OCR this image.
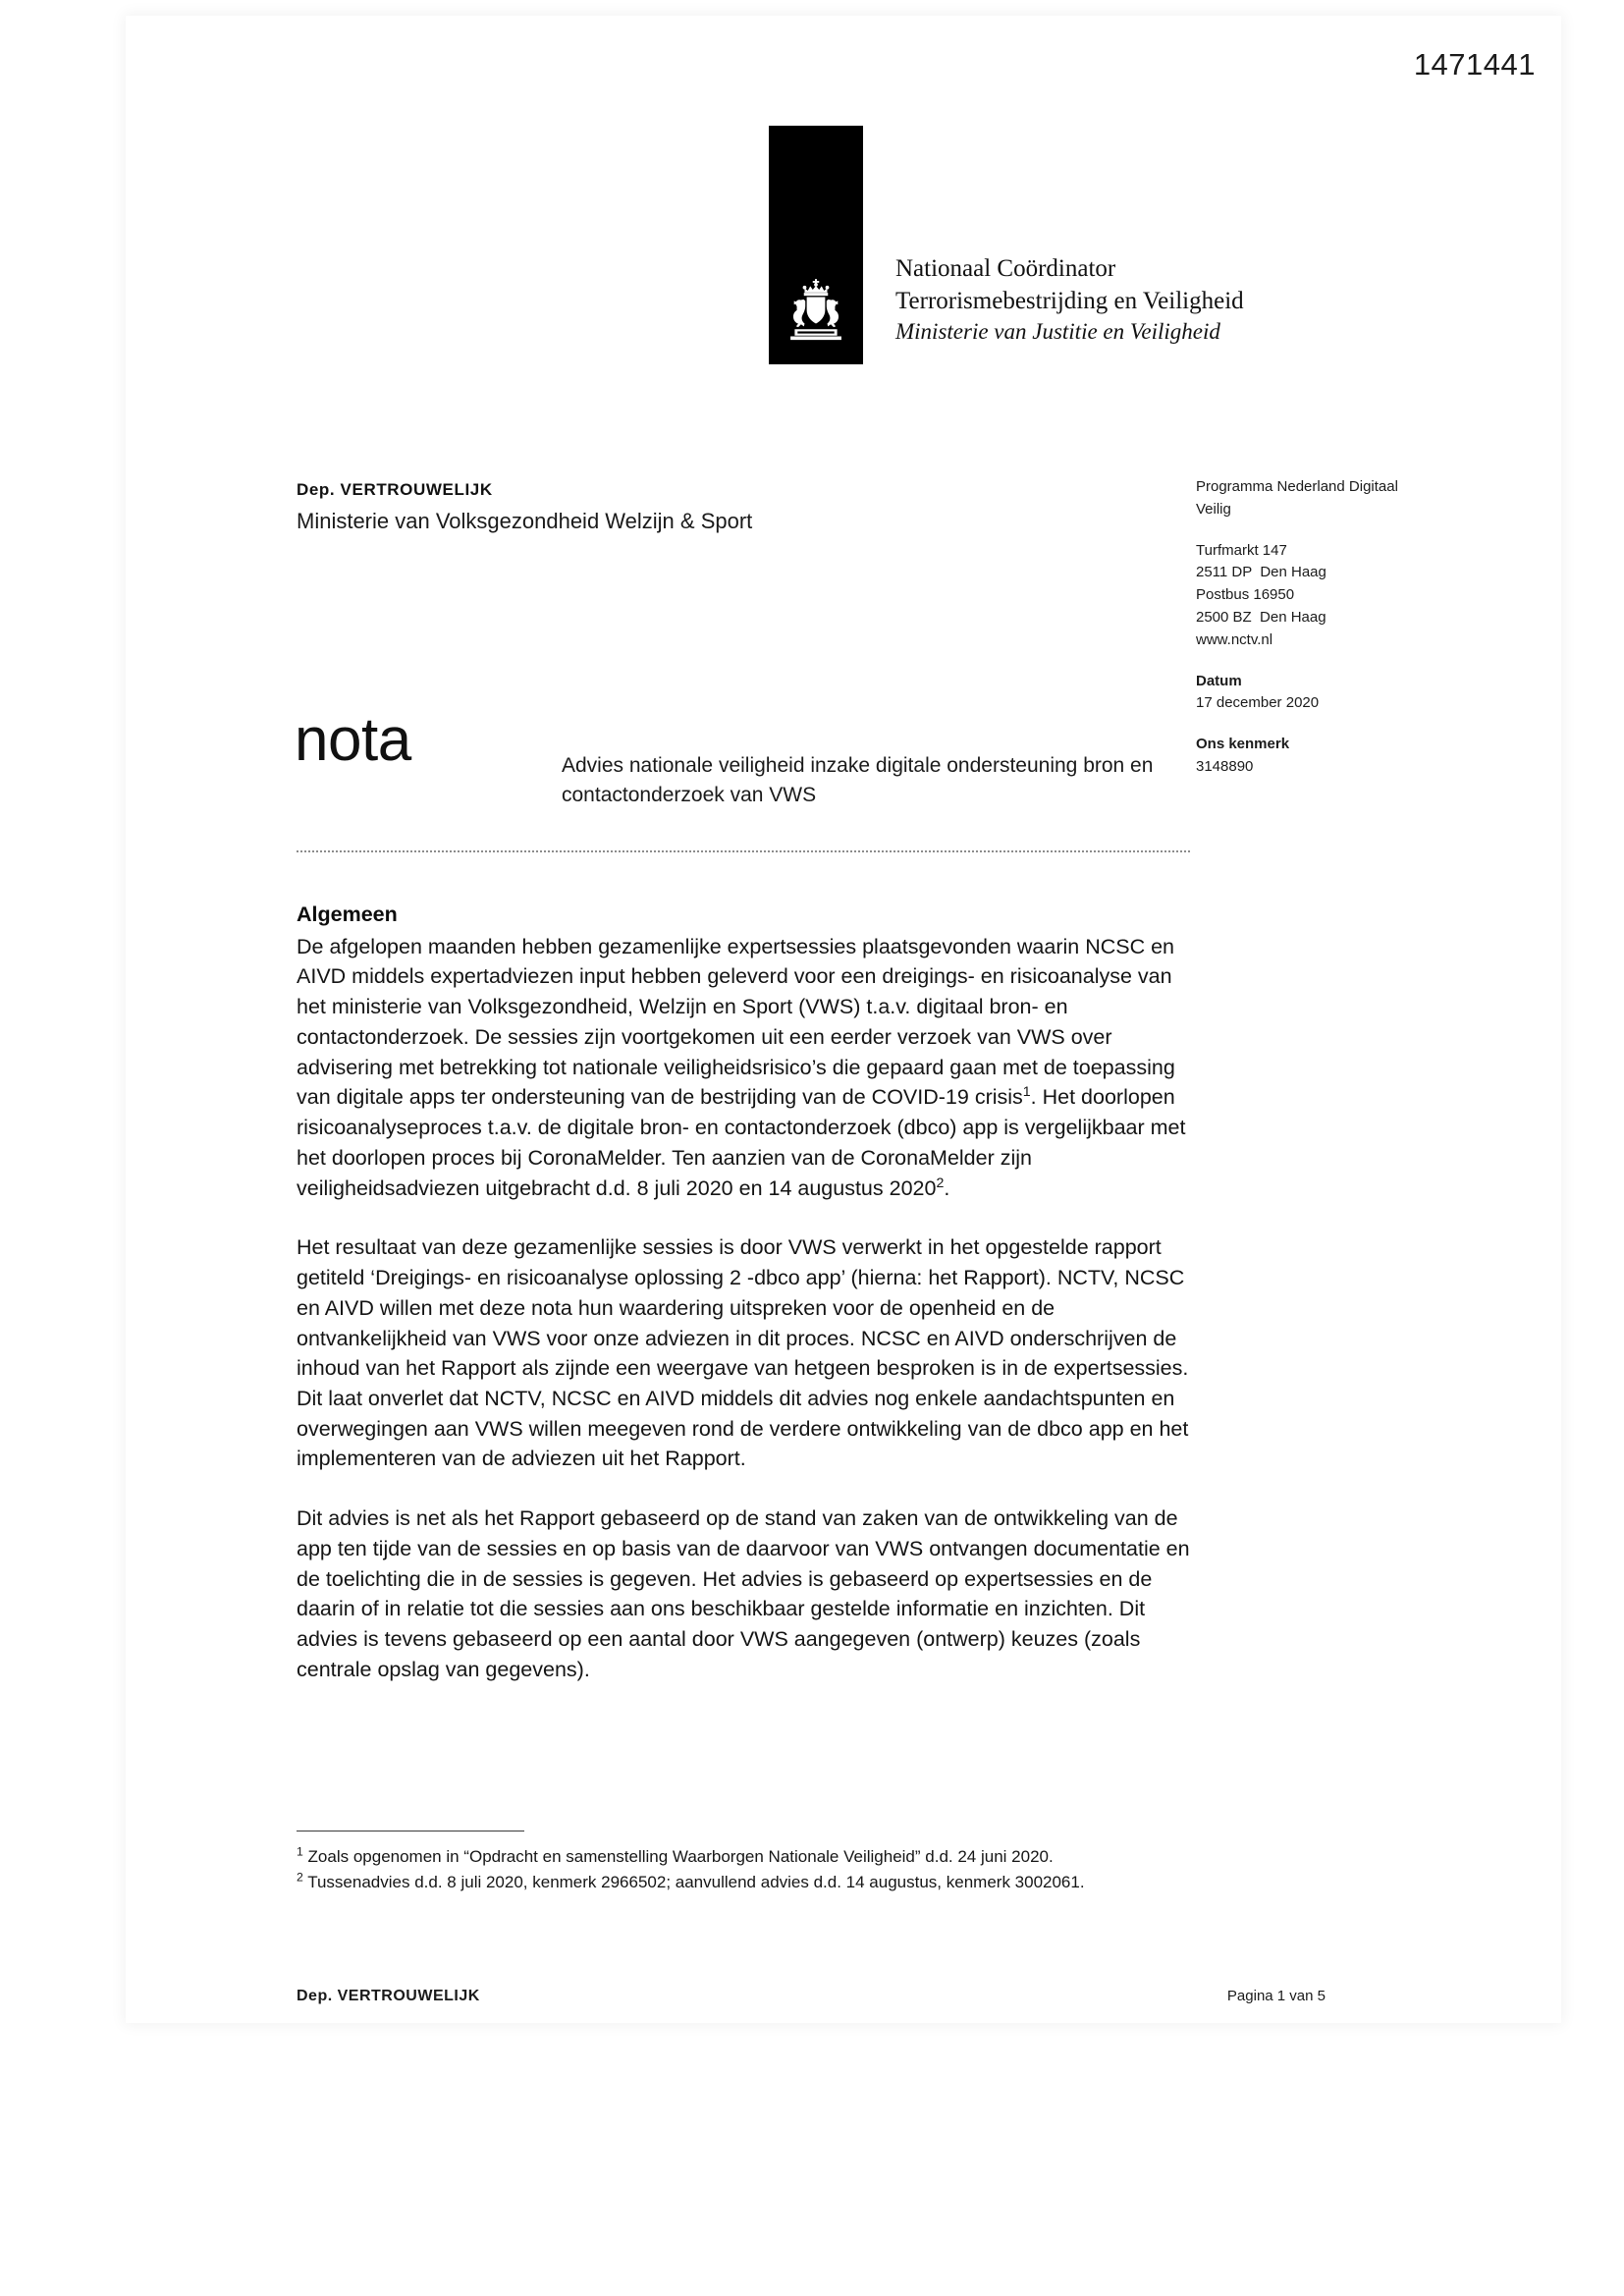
1471441
Nationaal Coördinator
Terrorismebestrijding en Veiligheid
Ministerie van Justitie en Veiligheid
Dep. VERTROUWELIJK
Ministerie van Volksgezondheid Welzijn & Sport
Programma Nederland Digitaal
Veilig
Turfmarkt 147
2511 DP  Den Haag
Postbus 16950
2500 BZ  Den Haag
www.nctv.nl
Datum
17 december 2020
Ons kenmerk
3148890
nota	Advies nationale veiligheid inzake digitale ondersteuning bron en contactonderzoek van VWS
Algemeen

De afgelopen maanden hebben gezamenlijke expertsessies plaatsgevonden waarin NCSC en AIVD middels expertadviezen input hebben geleverd voor een dreigings- en risicoanalyse van het ministerie van Volksgezondheid, Welzijn en Sport (VWS) t.a.v. digitaal bron- en contactonderzoek. De sessies zijn voortgekomen uit een eerder verzoek van VWS over advisering met betrekking tot nationale veiligheidsrisico’s die gepaard gaan met de toepassing van digitale apps ter ondersteuning van de bestrijding van de COVID-19 crisis$^1$. Het doorlopen risicoanalyseproces t.a.v. de digitale bron- en contactonderzoek (dbco) app is vergelijkbaar met het doorlopen proces bij CoronaMelder. Ten aanzien van de CoronaMelder zijn veiligheidsadviezen uitgebracht d.d. 8 juli 2020 en 14 augustus 2020$^2$.

Het resultaat van deze gezamenlijke sessies is door VWS verwerkt in het opgestelde rapport getiteld ‘Dreigings- en risicoanalyse oplossing 2 -dbco app’ (hierna: het Rapport). NCTV, NCSC en AIVD willen met deze nota hun waardering uitspreken voor de openheid en de ontvankelijkheid van VWS voor onze adviezen in dit proces. NCSC en AIVD onderschrijven de inhoud van het Rapport als zijnde een weergave van hetgeen besproken is in de expertsessies. Dit laat onverlet dat NCTV, NCSC en AIVD middels dit advies nog enkele aandachtspunten en overwegingen aan VWS willen meegeven rond de verdere ontwikkeling van de dbco app en het implementeren van de adviezen uit het Rapport.

Dit advies is net als het Rapport gebaseerd op de stand van zaken van de ontwikkeling van de app ten tijde van de sessies en op basis van de daarvoor van VWS ontvangen documentatie en de toelichting die in de sessies is gegeven. Het advies is gebaseerd op expertsessies en de daarin of in relatie tot die sessies aan ons beschikbaar gestelde informatie en inzichten. Dit advies is tevens gebaseerd op een aantal door VWS aangegeven (ontwerp) keuzes (zoals centrale opslag van gegevens).

$^1$ Zoals opgenomen in “Opdracht en samenstelling Waarborgen Nationale Veiligheid” d.d. 24 juni 2020.

$^2$ Tussenadvies d.d. 8 juli 2020, kenmerk 2966502; aanvullend advies d.d. 14 augustus, kenmerk 3002061.

Dep. VERTROUWELIJK	Pagina 1 van 5
